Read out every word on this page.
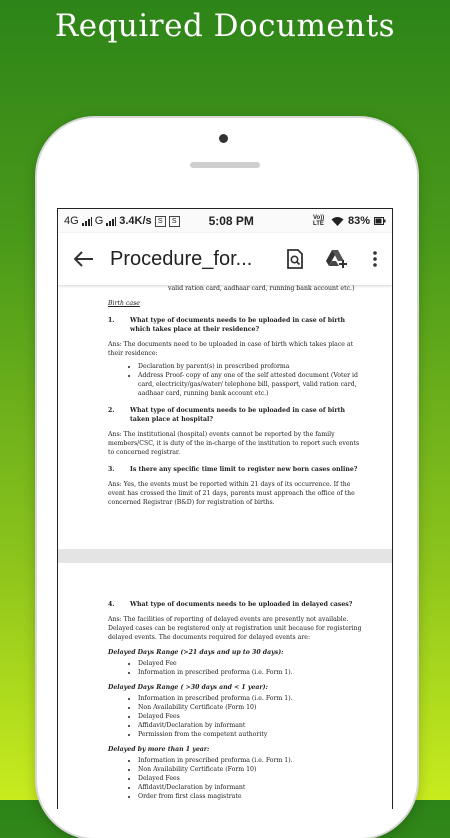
Required Documents
4G G 3.4K/s S	S	5:08 PM	Vo)) LTE 83%
Procedure_for...
valid ration card, aadhaar card, running bank account etc.)
Birth case
1.	What type of documents needs to be uploaded in case of birth which takes place at their residence?
Ans: The documents need to be uploaded in case of birth which takes place at their residence:
• Declaration by parent(s) in prescribed proforma
• Address Proof- copy of any one of the self attested document (Voter id card, electricity/gas/water/ telephone bill, passport, valid ration card, aadhaar card, running bank account etc.)
2.	What type of documents needs to be uploaded in case of birth taken place at hospital?
Ans: The institutional (hospital) events cannot be reported by the family members/CSC, it is duty of the in-charge of the institution to report such events to concerned registrar.
3.	Is there any specific time limit to register new born cases online?
Ans: Yes, the events must be reported within 21 days of its occurrence. If the event has crossed the limit of 21 days, parents must approach the office of the concerned Registrar (B&D) for registration of births.
4.	What type of documents needs to be uploaded in delayed cases?
Ans: The facilities of reporting of delayed events are presently not available. Delayed cases can be registered only at registration unit because for registering delayed events. The documents required for delayed events are:
Delayed Days Range (>21 days and up to 30 days):
• Delayed Fee
• Information in prescribed proforma (i.e. Form 1).
Delayed Days Range ( >30 days and < 1 year):
• Information in prescribed proforma (i.e. Form 1).
• Non Availability Certificate (Form 10)
• Delayed Fees
• Affidavit/Declaration by informant
• Permission from the competent authority
Delayed by more than 1 year:
• Information in prescribed proforma (i.e. Form 1).
• Non Availability Certificate (Form 10)
• Delayed Fees
• Affidavit/Declaration by informant
• Order from first class magistrate
